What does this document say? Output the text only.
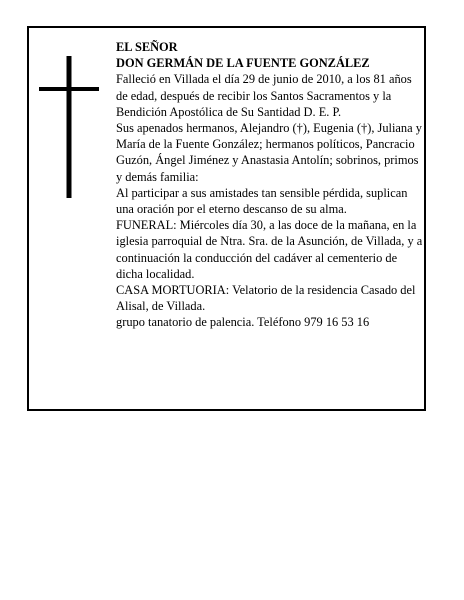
EL SEÑOR

DON GERMÁN DE LA FUENTE GONZÁLEZ

Falleció en Villada el día 29 de junio de 2010, a los 81 años de edad, después de recibir los Santos Sacramentos y la Bendición Apostólica de Su Santidad D. E. P.

Sus apenados hermanos, Alejandro (†), Eugenia (†), Juliana y María de la Fuente González; hermanos políticos, Pancracio Guzón, Ángel Jiménez y Anastasia Antolín; sobrinos, primos y demás familia:

Al participar a sus amistades tan sensible pérdida, suplican una oración por el eterno descanso de su alma.

FUNERAL: Miércoles día 30, a las doce de la mañana, en la iglesia parroquial de Ntra. Sra. de la Asunción, de Villada, y a continuación la conducción del cadáver al cementerio de dicha localidad.

CASA MORTUORIA: Velatorio de la residencia Casado del Alisal, de Villada.

grupo tanatorio de palencia. Teléfono 979 16 53 16
